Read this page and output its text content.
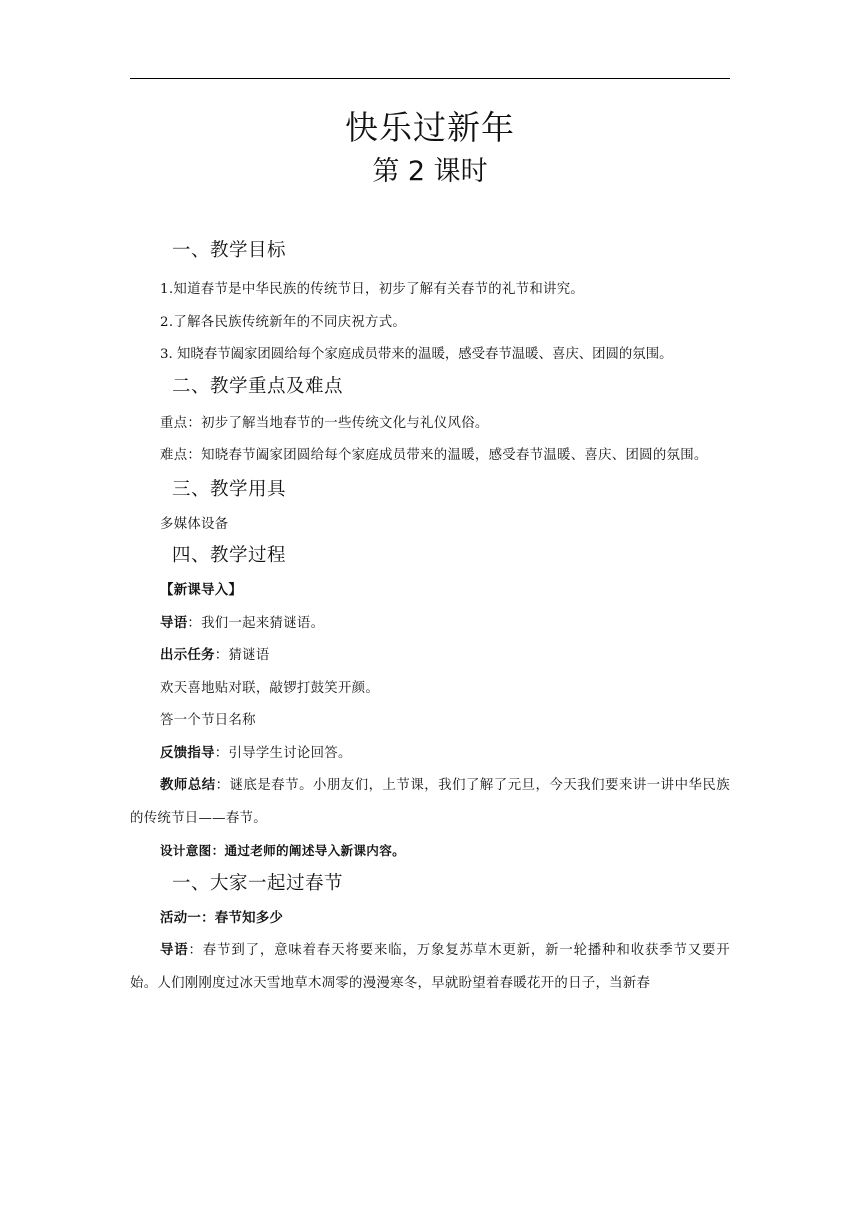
快乐过新年
第 2 课时
一、教学目标

1.知道春节是中华民族的传统节日，初步了解有关春节的礼节和讲究。

2.了解各民族传统新年的不同庆祝方式。

3. 知晓春节阖家团圆给每个家庭成员带来的温暖，感受春节温暖、喜庆、团圆的氛围。

二、教学重点及难点

重点：初步了解当地春节的一些传统文化与礼仪风俗。

难点：知晓春节阖家团圆给每个家庭成员带来的温暖，感受春节温暖、喜庆、团圆的氛围。

三、教学用具

多媒体设备

四、教学过程

【新课导入】

导语：我们一起来猜谜语。

出示任务：猜谜语

欢天喜地贴对联，敲锣打鼓笑开颜。

答一个节日名称

反馈指导：引导学生讨论回答。

教师总结：谜底是春节。小朋友们，上节课，我们了解了元旦，今天我们要来讲一讲中华民族的传统节日——春节。

设计意图：通过老师的阐述导入新课内容。

一、大家一起过春节

活动一：春节知多少

导语：春节到了，意味着春天将要来临，万象复苏草木更新，新一轮播种和收获季节又要开始。人们刚刚度过冰天雪地草木凋零的漫漫寒冬，早就盼望着春暖花开的日子，当新春
